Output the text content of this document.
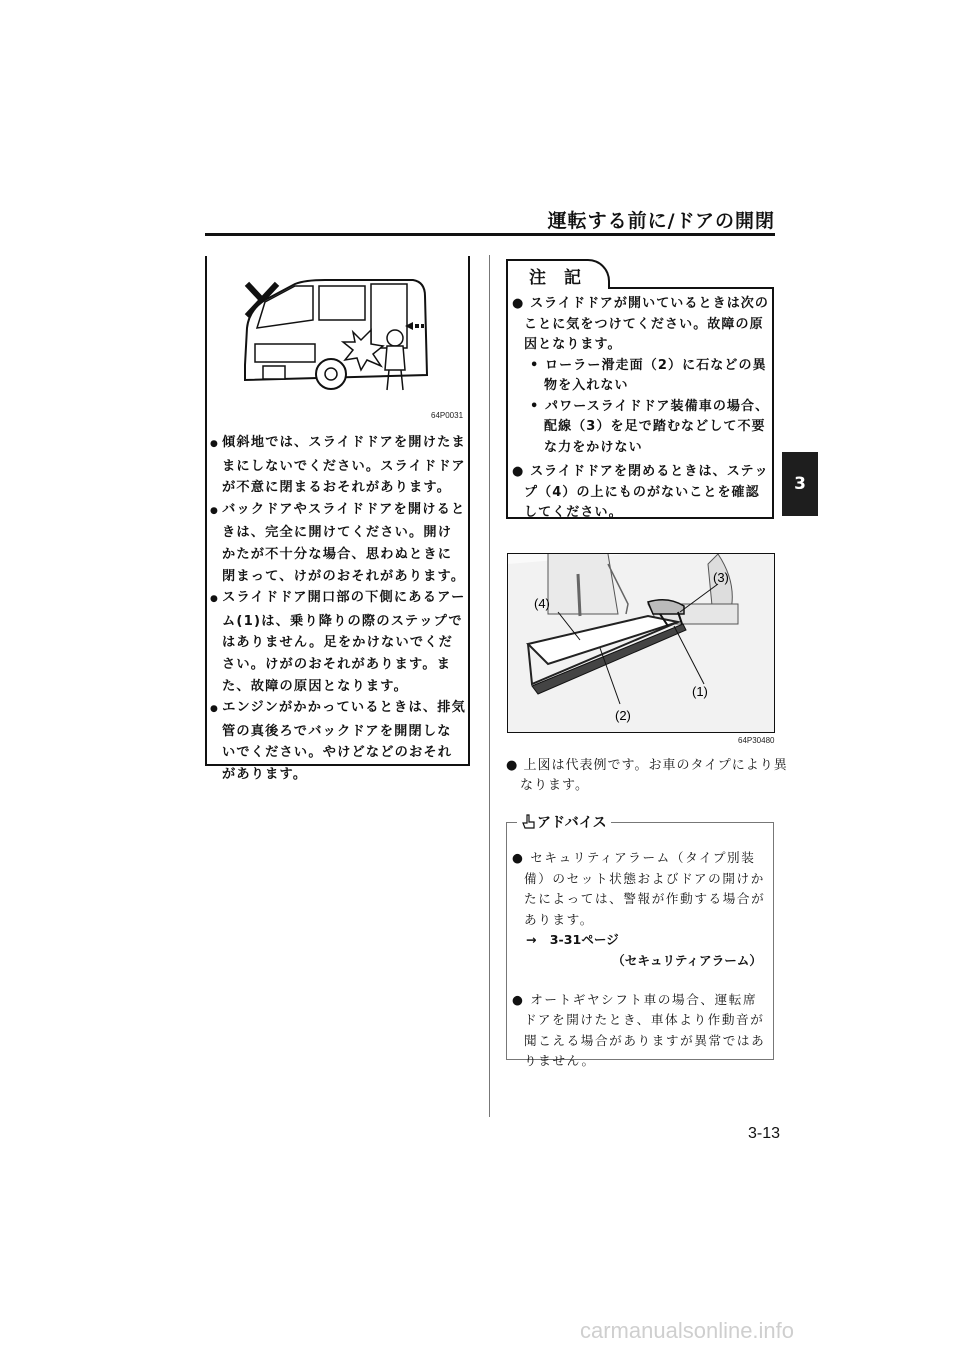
運転する前に/ドアの開閉
3
64P0031
● 傾斜地では、スライドドアを開けたままにしないでください。スライドドアが不意に閉まるおそれがあります。
● バックドアやスライドドアを開けるときは、完全に開けてください。開けかたが不十分な場合、思わぬときに閉まって、けがのおそれがあります。
● スライドドア開口部の下側にあるアーム(1)は、乗り降りの際のステップではありません。足をかけないでください。けがのおそれがあります。また、故障の原因となります。
● エンジンがかかっているときは、排気管の真後ろでバックドアを開閉しないでください。やけどなどのおそれがあります。
注 記
● スライドドアが開いているときは次のことに気をつけてください。故障の原因となります。
• ローラー滑走面（2）に石などの異物を入れない
• パワースライドドア装備車の場合、配線（3）を足で踏むなどして不要な力をかけない
● スライドドアを閉めるときは、ステップ（4）の上にものがないことを確認してください。
(3)
(4)
(1)
(2)
64P30480
● 上図は代表例です。お車のタイプにより異なります。
アドバイス
● セキュリティアラーム（タイプ別装備）のセット状態およびドアの開けかたによっては、警報が作動する場合があります。
→ 3-31ページ
（セキュリティアラーム）
● オートギヤシフト車の場合、運転席ドアを開けたとき、車体より作動音が聞こえる場合がありますが異常ではありません。
3-13
carmanualsonline.info
